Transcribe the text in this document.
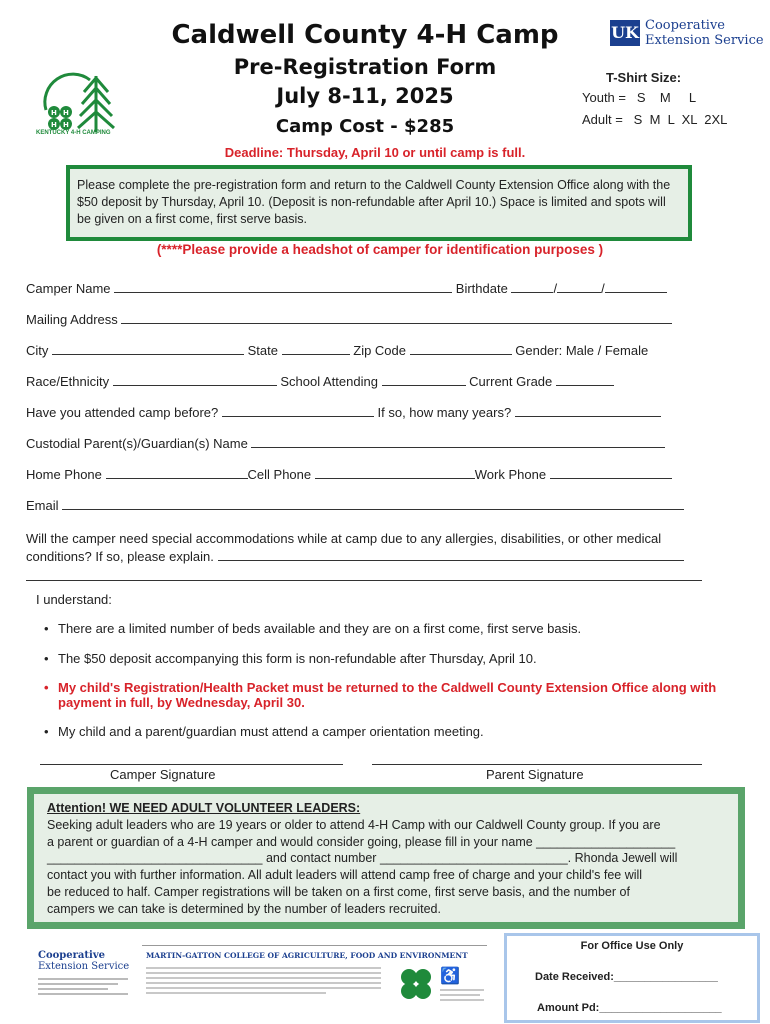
Caldwell County 4-H Camp
Pre-Registration Form
July 8-11, 2025
Camp Cost - $285
Deadline: Thursday, April 10 or until camp is full.
H H
H H
KENTUCKY 4-H CAMPING
UK Cooperative
Extension Service
T-Shirt Size:
Youth =   S    M     L
Adult =   S  M  L  XL  2XL
Please complete the pre-registration form and return to the Caldwell County Extension Office along with the $50 deposit by Thursday, April 10. (Deposit is non-refundable after April 10.) Space is limited and spots will be given on a first come, first serve basis.
(****Please provide a headshot of camper for identification purposes )
Camper Name	Birthdate	/	/
Mailing Address
City	State	Zip Code	Gender: Male / Female
Race/Ethnicity	School Attending	Current Grade
Have you attended camp before?	If so, how many years?
Custodial Parent(s)/Guardian(s) Name
Home Phone	Cell Phone	Work Phone
Email
Will the camper need special accommodations while at camp due to any allergies, disabilities, or other medical
conditions? If so, please explain.
I understand:
• There are a limited number of beds available and they are on a first come, first serve basis.
• The $50 deposit accompanying this form is non-refundable after Thursday, April 10.
• My child's Registration/Health Packet must be returned to the Caldwell County Extension Office along with payment in full, by Wednesday, April 30.
• My child and a parent/guardian must attend a camper orientation meeting.
Camper Signature	Parent Signature
Attention! WE NEED ADULT VOLUNTEER LEADERS:
Seeking adult leaders who are 19 years or older to attend 4-H Camp with our Caldwell County group. If you are
a parent or guardian of a 4-H camper and would consider going, please fill in your name ____________________
_______________________________ and contact number ___________________________. Rhonda Jewell will
contact you with further information. All adult leaders will attend camp free of charge and your child's fee will
be reduced to half. Camper registrations will be taken on a first come, first serve basis, and the number of
campers we can take is determined by the number of leaders recruited.
Cooperative
Extension Service
MARTIN-GATTON COLLEGE OF AGRICULTURE, FOOD AND ENVIRONMENT
♿
For Office Use Only
Date Received:_________________
Amount Pd:____________________
